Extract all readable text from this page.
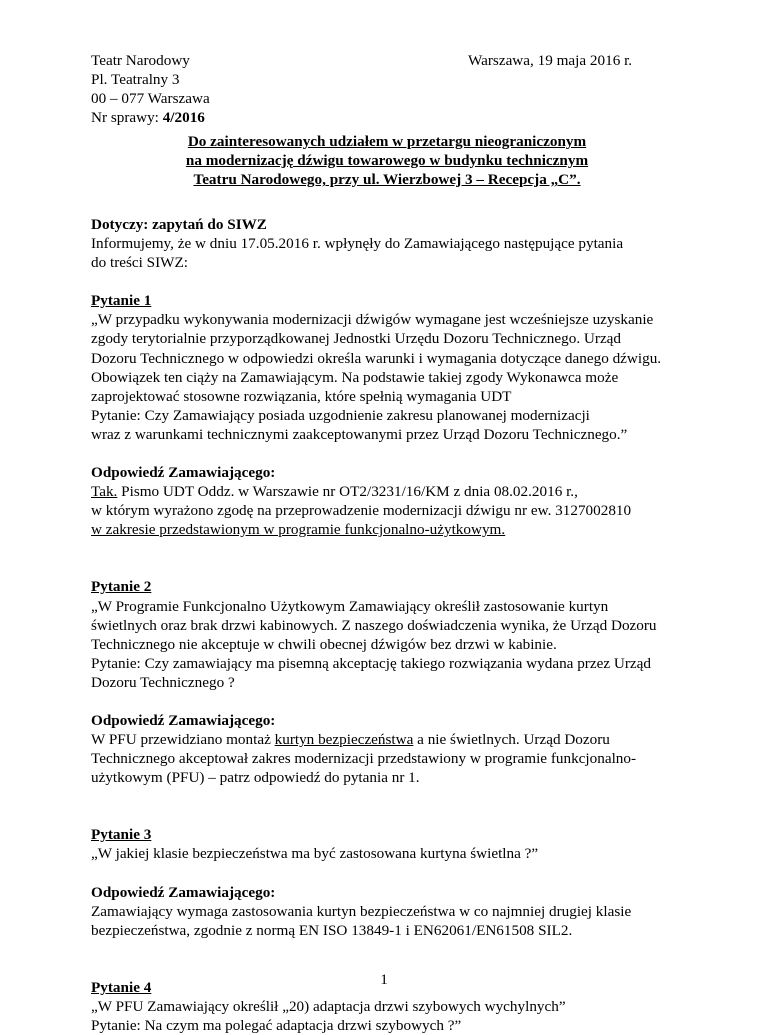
Teatr Narodowy
Pl. Teatralny 3
00 – 077 Warszawa
Nr sprawy: 4/2016
Warszawa, 19 maja 2016 r.
Do zainteresowanych udziałem w przetargu nieograniczonym
na modernizację dźwigu towarowego w budynku technicznym
Teatru Narodowego, przy ul. Wierzbowej 3 – Recepcja „C”.
Dotyczy: zapytań do SIWZ
Informujemy, że w dniu 17.05.2016 r. wpłynęły do Zamawiającego następujące pytania
do treści SIWZ:
Pytanie 1
„W przypadku wykonywania modernizacji dźwigów wymagane jest wcześniejsze uzyskanie
zgody terytorialnie przyporządkowanej Jednostki Urzędu Dozoru Technicznego. Urząd
Dozoru Technicznego w odpowiedzi określa warunki i wymagania dotyczące danego dźwigu.
Obowiązek ten ciąży na Zamawiającym. Na podstawie takiej zgody Wykonawca może
zaprojektować stosowne rozwiązania, które spełnią wymagania UDT
Pytanie: Czy Zamawiający posiada uzgodnienie zakresu planowanej modernizacji
wraz z warunkami technicznymi zaakceptowanymi przez Urząd Dozoru Technicznego.”
Odpowiedź Zamawiającego:
Tak. Pismo UDT Oddz. w Warszawie nr OT2/3231/16/KM z dnia 08.02.2016 r.,
w którym wyrażono zgodę na przeprowadzenie modernizacji dźwigu nr ew. 3127002810
w zakresie przedstawionym w programie funkcjonalno-użytkowym.
Pytanie 2
„W Programie Funkcjonalno Użytkowym Zamawiający określił zastosowanie kurtyn
świetlnych oraz brak drzwi kabinowych. Z naszego doświadczenia wynika, że Urząd Dozoru
Technicznego nie akceptuje w chwili obecnej dźwigów bez drzwi w kabinie.
Pytanie: Czy zamawiający ma pisemną akceptację takiego rozwiązania wydana przez Urząd
Dozoru Technicznego ?
Odpowiedź Zamawiającego:
W PFU przewidziano montaż kurtyn bezpieczeństwa a nie świetlnych. Urząd Dozoru
Technicznego akceptował zakres modernizacji przedstawiony w programie funkcjonalno-
użytkowym (PFU) – patrz odpowiedź do pytania nr 1.
Pytanie 3
„W jakiej klasie bezpieczeństwa ma być zastosowana kurtyna świetlna ?”
Odpowiedź Zamawiającego:
Zamawiający wymaga zastosowania kurtyn bezpieczeństwa w co najmniej drugiej klasie
bezpieczeństwa, zgodnie z normą EN ISO 13849-1 i EN62061/EN61508 SIL2.
Pytanie 4
„W PFU Zamawiający określił „20) adaptacja drzwi szybowych wychylnych”
Pytanie: Na czym ma polegać adaptacja drzwi szybowych ?”
1
